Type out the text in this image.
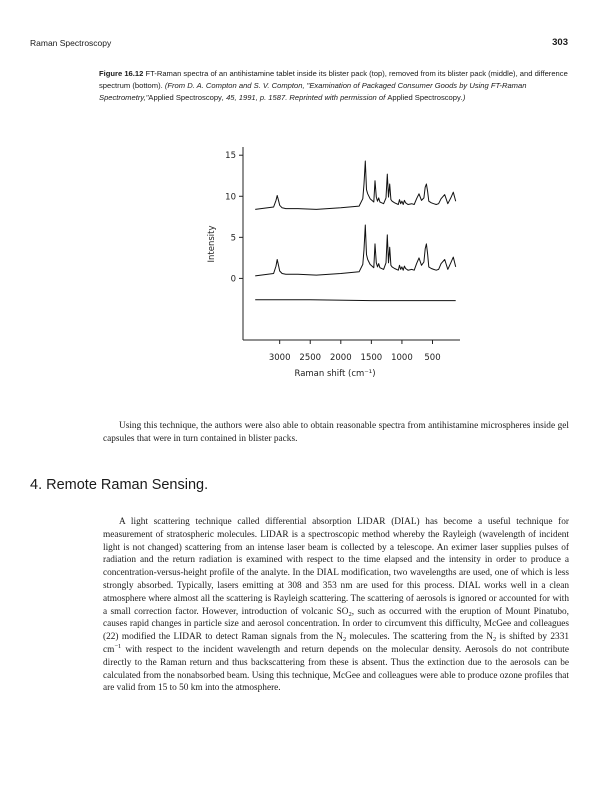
Raman Spectroscopy	303
Figure 16.12 FT-Raman spectra of an antihistamine tablet inside its blister pack (top), removed from its blister pack (middle), and difference spectrum (bottom). (From D. A. Compton and S. V. Compton, "Examination of Packaged Consumer Goods by Using FT-Raman Spectrometry,"Applied Spectroscopy, 45, 1991, p. 1587. Reprinted with permission of Applied Spectroscopy.)
Intensity
Raman shift (cm⁻¹)
0
5
10
15
3000 2500 2000 1500 1000 500

Using this technique, the authors were also able to obtain reasonable spectra from antihistamine microspheres inside gel capsules that were in turn contained in blister packs.

4. Remote Raman Sensing.

A light scattering technique called differential absorption LIDAR (DIAL) has become a useful technique for measurement of stratospheric molecules. LIDAR is a spectroscopic method whereby the Rayleigh (wavelength of incident light is not changed) scattering from an intense laser beam is collected by a telescope. An eximer laser supplies pulses of radiation and the return radiation is examined with respect to the time elapsed and the intensity in order to produce a concentration-versus-height profile of the analyte. In the DIAL modification, two wavelengths are used, one of which is less strongly absorbed. Typically, lasers emitting at 308 and 353 nm are used for this process. DIAL works well in a clean atmosphere where almost all the scattering is Rayleigh scattering. The scattering of aerosols is ignored or accounted for with a small correction factor. However, introduction of volcanic $SO_2$, such as occurred with the eruption of Mount Pinatubo, causes rapid changes in particle size and aerosol concentration. In order to circumvent this difficulty, McGee and colleagues (22) modified the LIDAR to detect Raman signals from the $N_2$ molecules. The scattering from the $N_2$ is shifted by 2331 $cm^{-1}$ with respect to the incident wavelength and return depends on the molecular density. Aerosols do not contribute directly to the Raman return and thus backscattering from these is absent. Thus the extinction due to the aerosols can be calculated from the nonabsorbed beam. Using this technique, McGee and colleagues were able to produce ozone profiles that are valid from 15 to 50 km into the atmosphere.
